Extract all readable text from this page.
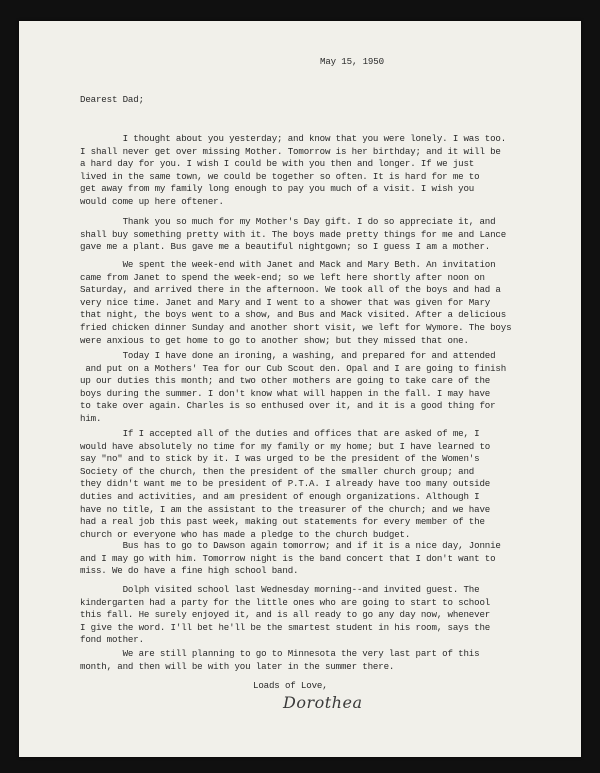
May 15, 1950
Dearest Dad;
I thought about you yesterday; and know that you were lonely. I was too.
I shall never get over missing Mother. Tomorrow is her birthday; and it will be
a hard day for you. I wish I could be with you then and longer. If we just
lived in the same town, we could be together so often. It is hard for me to
get away from my family long enough to pay you much of a visit. I wish you
would come up here oftener.
Thank you so much for my Mother's Day gift. I do so appreciate it, and
shall buy something pretty with it. The boys made pretty things for me and Lance
gave me a plant. Bus gave me a beautiful nightgown; so I guess I am a mother.
We spent the week-end with Janet and Mack and Mary Beth. An invitation
came from Janet to spend the week-end; so we left here shortly after noon on
Saturday, and arrived there in the afternoon. We took all of the boys and had a
very nice time. Janet and Mary and I went to a shower that was given for Mary
that night, the boys went to a show, and Bus and Mack visited. After a delicious
fried chicken dinner Sunday and another short visit, we left for Wymore. The boys
were anxious to get home to go to another show; but they missed that one.
Today I have done an ironing, a washing, and prepared for and attended
and put on a Mothers' Tea for our Cub Scout den. Opal and I are going to finish
up our duties this month; and two other mothers are going to take care of the
boys during the summer. I don't know what will happen in the fall. I may have
to take over again. Charles is so enthused over it, and it is a good thing for
him.
If I accepted all of the duties and offices that are asked of me, I
would have absolutely no time for my family or my home; but I have learned to
say "no" and to stick by it. I was urged to be the president of the Women's
Society of the church, then the president of the smaller church group; and
they didn't want me to be president of P.T.A. I already have too many outside
duties and activities, and am president of enough organizations. Although I
have no title, I am the assistant to the treasurer of the church; and we have
had a real job this past week, making out statements for every member of the
church or everyone who has made a pledge to the church budget.
Bus has to go to Dawson again tomorrow; and if it is a nice day, Jonnie
and I may go with him. Tomorrow night is the band concert that I don't want to
miss. We do have a fine high school band.
Dolph visited school last Wednesday morning--and invited guest. The
kindergarten had a party for the little ones who are going to start to school
this fall. He surely enjoyed it, and is all ready to go any day now, whenever
I give the word. I'll bet he'll be the smartest student in his room, says the
fond mother.
We are still planning to go to Minnesota the very last part of this
month, and then will be with you later in the summer there.
Loads of Love,
Dorothea
